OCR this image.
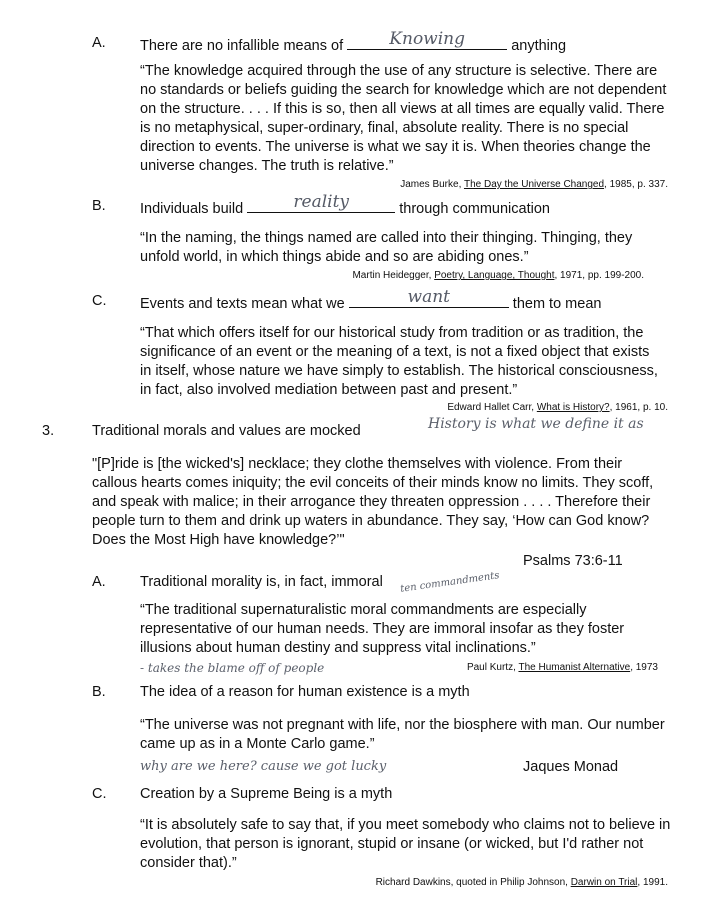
A. There are no infallible means of	Knowing	anything
“The knowledge acquired through the use of any structure is selective. There are no standards or beliefs guiding the search for knowledge which are not dependent on the structure. . . . If this is so, then all views at all times are equally valid. There is no metaphysical, super-ordinary, final, absolute reality. There is no special direction to events. The universe is what we say it is. When theories change the universe changes. The truth is relative.”
James Burke, The Day the Universe Changed, 1985, p. 337.
B. Individuals build	reality	through communication
“In the naming, the things named are called into their thinging. Thinging, they unfold world, in which things abide and so are abiding ones.”
Martin Heidegger, Poetry, Language, Thought, 1971, pp. 199-200.
C. Events and texts mean what we	want	them to mean
“That which offers itself for our historical study from tradition or as tradition, the significance of an event or the meaning of a text, is not a fixed object that exists in itself, whose nature we have simply to establish. The historical consciousness, in fact, also involved mediation between past and present.”
Edward Hallet Carr, What is History?, 1961, p. 10.
History is what we define it as
3.	Traditional morals and values are mocked
"[P]ride is [the wicked's] necklace; they clothe themselves with violence. From their callous hearts comes iniquity; the evil conceits of their minds know no limits. They scoff, and speak with malice; in their arrogance they threaten oppression . . . . Therefore their people turn to them and drink up waters in abundance. They say, ‘How can God know? Does the Most High have knowledge?’"
Psalms 73:6-11
A. Traditional morality is, in fact, immoral ten commandments
“The traditional supernaturalistic moral commandments are especially representative of our human needs. They are immoral insofar as they foster illusions about human destiny and suppress vital inclinations.”
- takes the blame off of people	Paul Kurtz, The Humanist Alternative, 1973
B. The idea of a reason for human existence is a myth
“The universe was not pregnant with life, nor the biosphere with man. Our number came up as in a Monte Carlo game.”
why are we here? cause we got lucky	Jaques Monad
C. Creation by a Supreme Being is a myth
“It is absolutely safe to say that, if you meet somebody who claims not to believe in evolution, that person is ignorant, stupid or insane (or wicked, but I'd rather not consider that).”
Richard Dawkins, quoted in Philip Johnson, Darwin on Trial, 1991.
